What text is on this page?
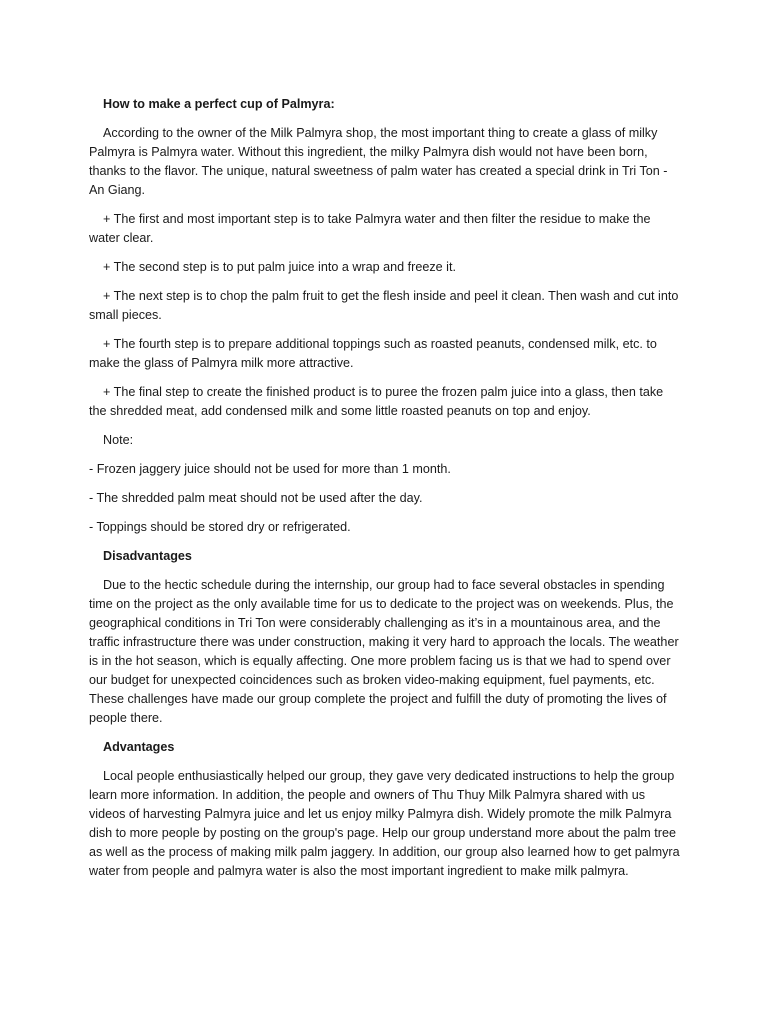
How to make a perfect cup of Palmyra:

According to the owner of the Milk Palmyra shop, the most important thing to create a glass of milky Palmyra is Palmyra water. Without this ingredient, the milky Palmyra dish would not have been born, thanks to the flavor. The unique, natural sweetness of palm water has created a special drink in Tri Ton - An Giang.

+ The first and most important step is to take Palmyra water and then filter the residue to make the water clear.

+ The second step is to put palm juice into a wrap and freeze it.

+ The next step is to chop the palm fruit to get the flesh inside and peel it clean. Then wash and cut into small pieces.

+ The fourth step is to prepare additional toppings such as roasted peanuts, condensed milk, etc. to make the glass of Palmyra milk more attractive.

+ The final step to create the finished product is to puree the frozen palm juice into a glass, then take the shredded meat, add condensed milk and some little roasted peanuts on top and enjoy.

Note:

- Frozen jaggery juice should not be used for more than 1 month.

- The shredded palm meat should not be used after the day.

- Toppings should be stored dry or refrigerated.

Disadvantages

Due to the hectic schedule during the internship, our group had to face several obstacles in spending time on the project as the only available time for us to dedicate to the project was on weekends. Plus, the geographical conditions in Tri Ton were considerably challenging as it’s in a mountainous area, and the traffic infrastructure there was under construction, making it very hard to approach the locals. The weather is in the hot season, which is equally affecting. One more problem facing us is that we had to spend over our budget for unexpected coincidences such as broken video-making equipment, fuel payments, etc. These challenges have made our group complete the project and fulfill the duty of promoting the lives of people there.

Advantages

Local people enthusiastically helped our group, they gave very dedicated instructions to help the group learn more information. In addition, the people and owners of Thu Thuy Milk Palmyra shared with us videos of harvesting Palmyra juice and let us enjoy milky Palmyra dish. Widely promote the milk Palmyra dish to more people by posting on the group's page. Help our group understand more about the palm tree as well as the process of making milk palm jaggery. In addition, our group also learned how to get palmyra water from people and palmyra water is also the most important ingredient to make milk palmyra.
